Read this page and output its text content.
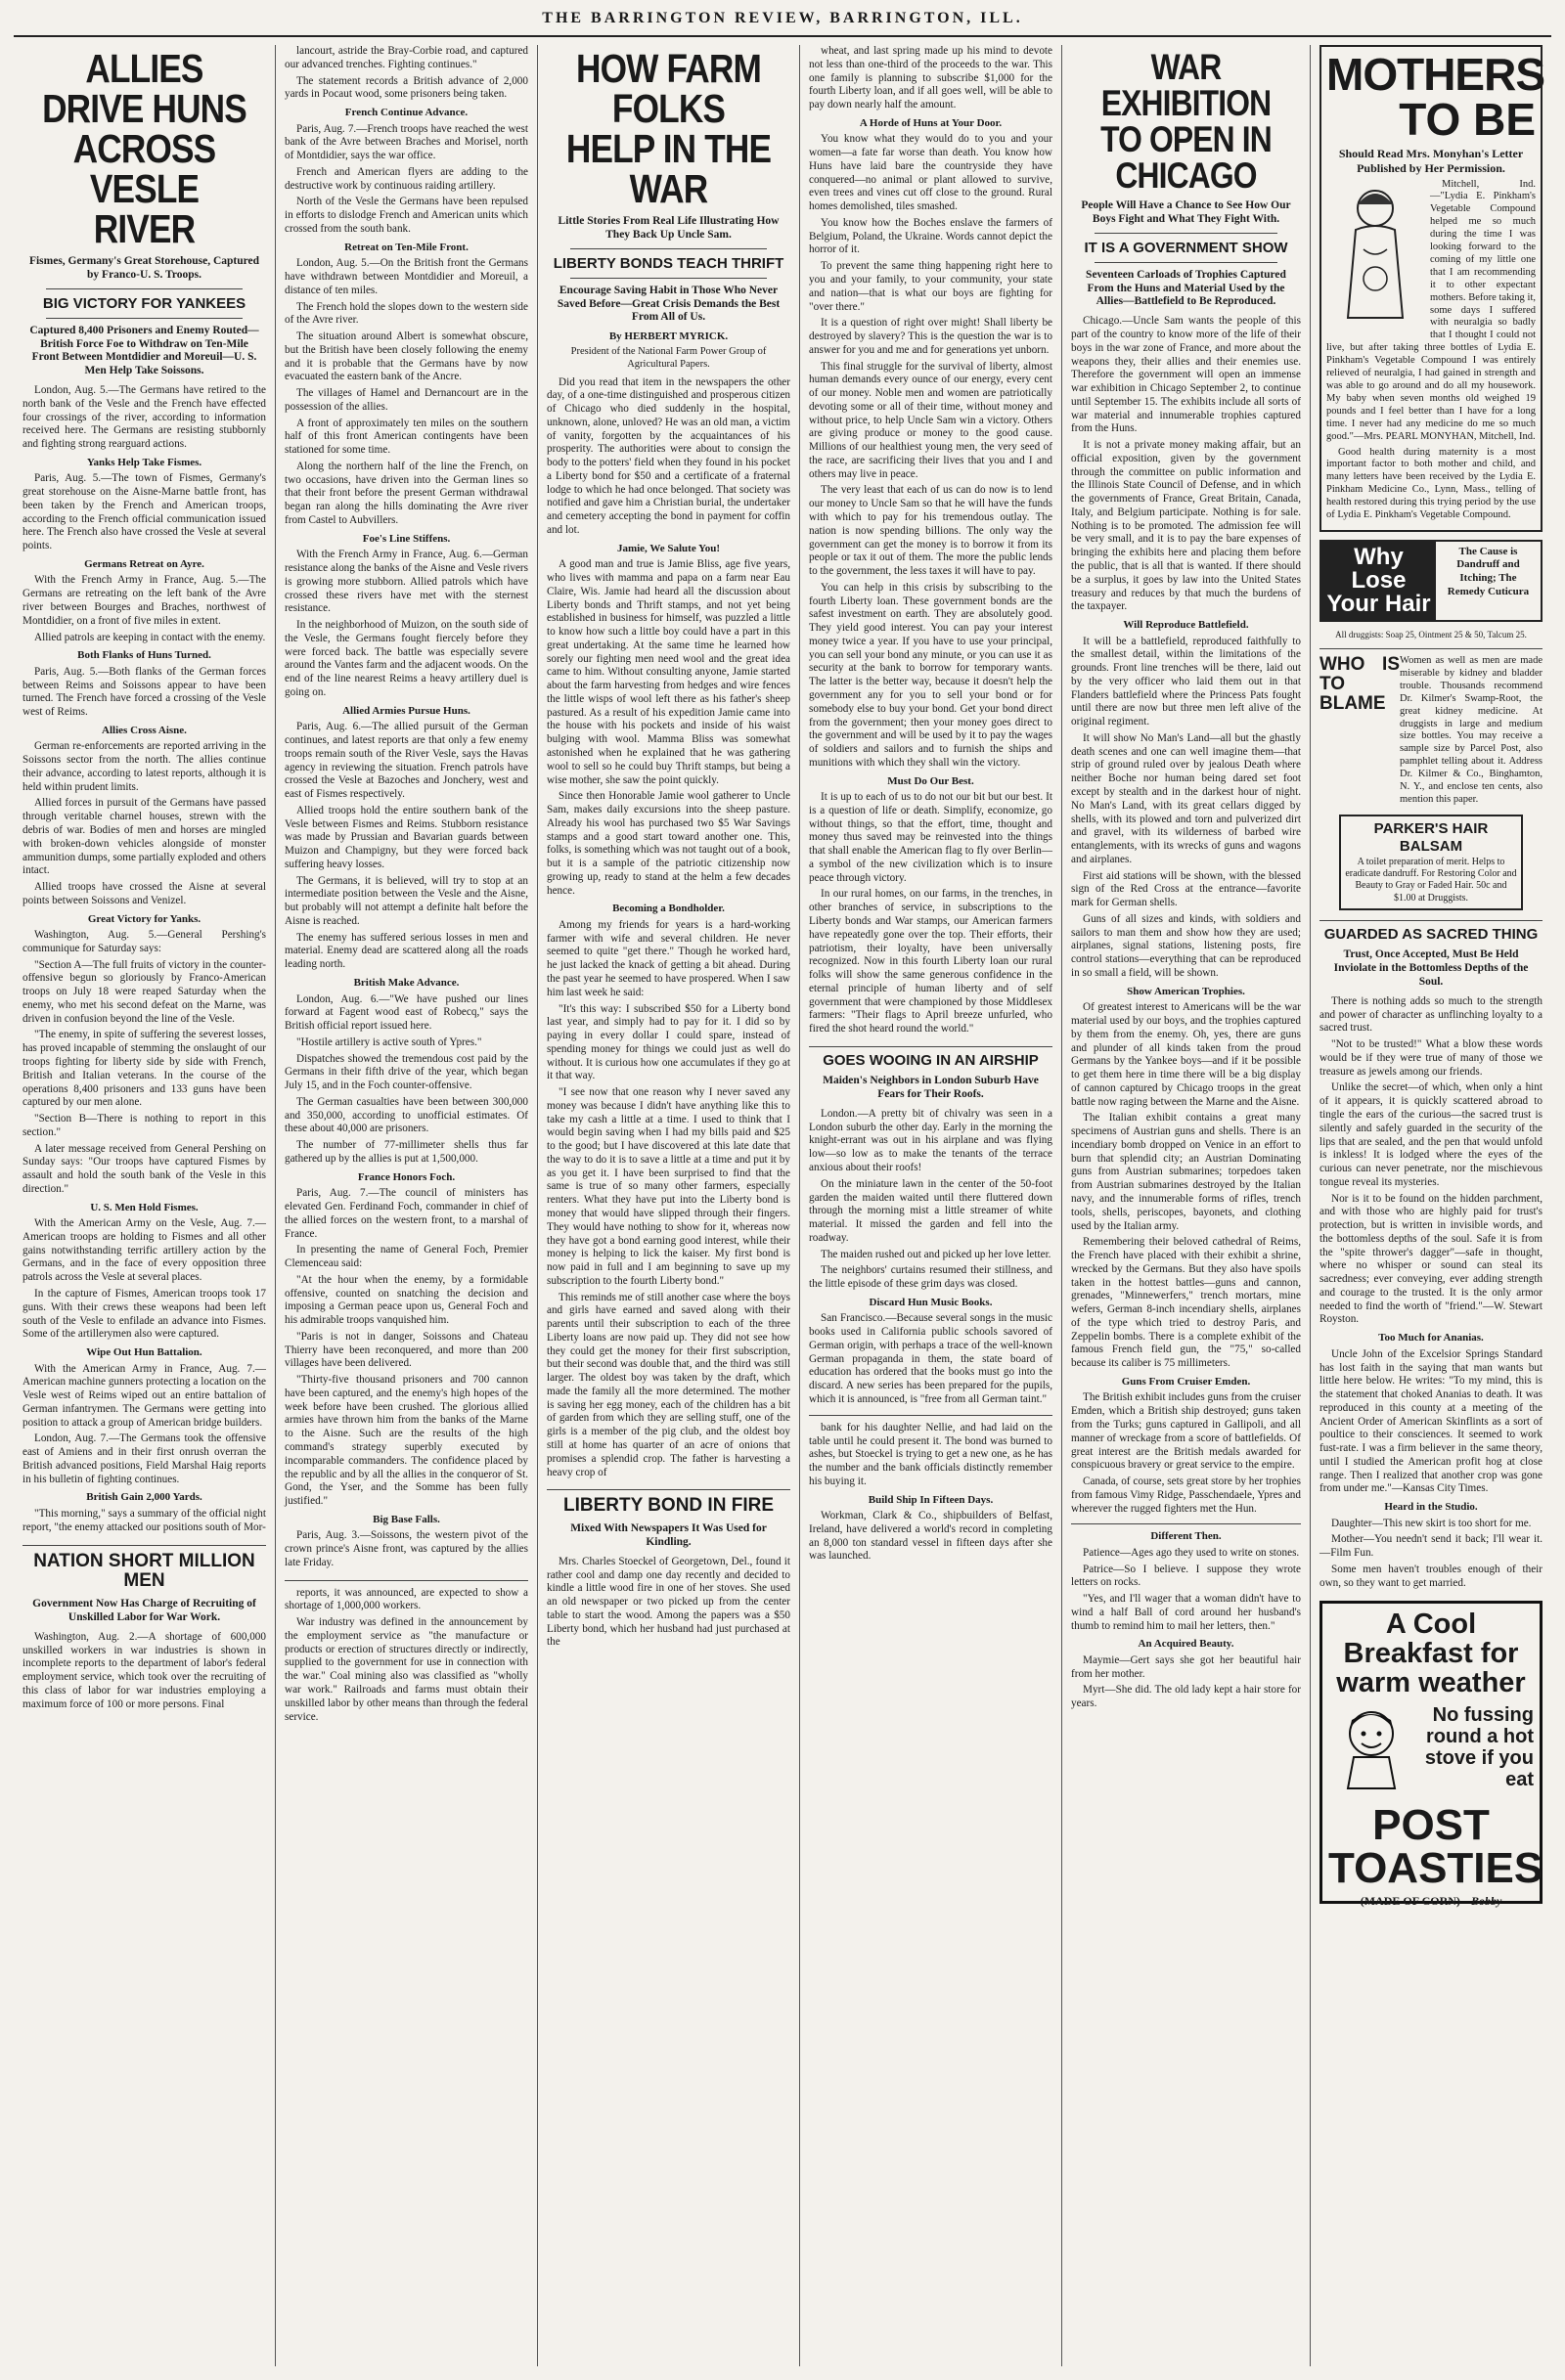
THE BARRINGTON REVIEW, BARRINGTON, ILL.
ALLIES DRIVE HUNS ACROSS VESLE RIVER
Fismes, Germany's Great Storehouse, Captured by Franco-U. S. Troops.
BIG VICTORY FOR YANKEES
Captured 8,400 Prisoners and Enemy Routed—British Force Foe to Withdraw on Ten-Mile Front Between Montdidier and Moreuil—U. S. Men Help Take Soissons.

London, Aug. 5.—The Germans have retired to the north bank of the Vesle and the French have effected four crossings of the river, according to information received here. The Germans are resisting stubbornly and fighting strong rearguard actions.

Yanks Help Take Fismes.

Paris, Aug. 5.—The town of Fismes, Germany's great storehouse on the Aisne-Marne battle front, has been taken by the French and American troops, according to the French official communication issued here. The French also have crossed the Vesle at several points.

Germans Retreat on Ayre.

With the French Army in France, Aug. 5.—The Germans are retreating on the left bank of the Avre river between Bourges and Braches, northwest of Montdidier, on a front of five miles in extent.

Allied patrols are keeping in contact with the enemy.

Both Flanks of Huns Turned.

Paris, Aug. 5.—Both flanks of the German forces between Reims and Soissons appear to have been turned. The French have forced a crossing of the Vesle west of Reims.

Allies Cross Aisne.

German re-enforcements are reported arriving in the Soissons sector from the north. The allies continue their advance, according to latest reports, although it is held within prudent limits.

Allied forces in pursuit of the Germans have passed through veritable charnel houses, strewn with the debris of war. Bodies of men and horses are mingled with broken-down vehicles alongside of monster ammunition dumps, some partially exploded and others intact.

Allied troops have crossed the Aisne at several points between Soissons and Venizel.

Great Victory for Yanks.

Washington, Aug. 5.—General Pershing's communique for Saturday says:

"Section A—The full fruits of victory in the counter-offensive begun so gloriously by Franco-American troops on July 18 were reaped Saturday when the enemy, who met his second defeat on the Marne, was driven in confusion beyond the line of the Vesle.

"The enemy, in spite of suffering the severest losses, has proved incapable of stemming the onslaught of our troops fighting for liberty side by side with French, British and Italian veterans. In the course of the operations 8,400 prisoners and 133 guns have been captured by our men alone.

"Section B—There is nothing to report in this section."

A later message received from General Pershing on Sunday says: "Our troops have captured Fismes by assault and hold the south bank of the Vesle in this direction."

U. S. Men Hold Fismes.

With the American Army on the Vesle, Aug. 7.—American troops are holding to Fismes and all other gains notwithstanding terrific artillery action by the Germans, and in the face of every opposition three patrols across the Vesle at several places.

In the capture of Fismes, American troops took 17 guns. With their crews these weapons had been left south of the Vesle to enfilade an advance into Fismes. Some of the artillerymen also were captured.

Wipe Out Hun Battalion.

With the American Army in France, Aug. 7.—American machine gunners protecting a location on the Vesle west of Reims wiped out an entire battalion of German infantrymen. The Germans were getting into position to attack a group of American bridge builders.

London, Aug. 7.—The Germans took the offensive east of Amiens and in their first onrush overran the British advanced positions, Field Marshal Haig reports in his bulletin of fighting continues.

British Gain 2,000 Yards.

"This morning," says a summary of the official night report, "the enemy attacked our positions south of Mor-

NATION SHORT MILLION MEN
Government Now Has Charge of Recruiting of Unskilled Labor for War Work.

Washington, Aug. 2.—A shortage of 600,000 unskilled workers in war industries is shown in incomplete reports to the department of labor's federal employment service, which took over the recruiting of this class of labor for war industries employing a maximum force of 100 or more persons. Final

lancourt, astride the Bray-Corbie road, and captured our advanced trenches. Fighting continues."

The statement records a British advance of 2,000 yards in Pocaut wood, some prisoners being taken.

French Continue Advance.

Paris, Aug. 7.—French troops have reached the west bank of the Avre between Braches and Morisel, north of Montdidier, says the war office.

French and American flyers are adding to the destructive work by continuous raiding artillery.

North of the Vesle the Germans have been repulsed in efforts to dislodge French and American units which crossed from the south bank.

Retreat on Ten-Mile Front.

London, Aug. 5.—On the British front the Germans have withdrawn between Montdidier and Moreuil, a distance of ten miles.

The French hold the slopes down to the western side of the Avre river.

The situation around Albert is somewhat obscure, but the British have been closely following the enemy and it is probable that the Germans have by now evacuated the eastern bank of the Ancre.

The villages of Hamel and Dernancourt are in the possession of the allies.

A front of approximately ten miles on the southern half of this front American contingents have been stationed for some time.

Along the northern half of the line the French, on two occasions, have driven into the German lines so that their front before the present German withdrawal began ran along the hills dominating the Avre river from Castel to Aubvillers.

Foe's Line Stiffens.

With the French Army in France, Aug. 6.—German resistance along the banks of the Aisne and Vesle rivers is growing more stubborn. Allied patrols which have crossed these rivers have met with the sternest resistance.

In the neighborhood of Muizon, on the south side of the Vesle, the Germans fought fiercely before they were forced back. The battle was especially severe around the Vantes farm and the adjacent woods. On the end of the line nearest Reims a heavy artillery duel is going on.

Allied Armies Pursue Huns.

Paris, Aug. 6.—The allied pursuit of the German continues, and latest reports are that only a few enemy troops remain south of the River Vesle, says the Havas agency in reviewing the situation. French patrols have crossed the Vesle at Bazoches and Jonchery, west and east of Fismes respectively.

Allied troops hold the entire southern bank of the Vesle between Fismes and Reims. Stubborn resistance was made by Prussian and Bavarian guards between Muizon and Champigny, but they were forced back suffering heavy losses.

The Germans, it is believed, will try to stop at an intermediate position between the Vesle and the Aisne, but probably will not attempt a definite halt before the Aisne is reached.

The enemy has suffered serious losses in men and material. Enemy dead are scattered along all the roads leading north.

British Make Advance.

London, Aug. 6.—"We have pushed our lines forward at Fagent wood east of Robecq," says the British official report issued here.

"Hostile artillery is active south of Ypres."

Dispatches showed the tremendous cost paid by the Germans in their fifth drive of the year, which began July 15, and in the Foch counter-offensive.

The German casualties have been between 300,000 and 350,000, according to unofficial estimates. Of these about 40,000 are prisoners.

The number of 77-millimeter shells thus far gathered up by the allies is put at 1,500,000.

France Honors Foch.

Paris, Aug. 7.—The council of ministers has elevated Gen. Ferdinand Foch, commander in chief of the allied forces on the western front, to a marshal of France.

In presenting the name of General Foch, Premier Clemenceau said:

"At the hour when the enemy, by a formidable offensive, counted on snatching the decision and imposing a German peace upon us, General Foch and his admirable troops vanquished him.

"Paris is not in danger, Soissons and Chateau Thierry have been reconquered, and more than 200 villages have been delivered.

"Thirty-five thousand prisoners and 700 cannon have been captured, and the enemy's high hopes of the week before have been crushed. The glorious allied armies have thrown him from the banks of the Marne to the Aisne. Such are the results of the high command's strategy superbly executed by incomparable commanders. The confidence placed by the republic and by all the allies in the conqueror of St. Gond, the Yser, and the Somme has been fully justified."

Big Base Falls.

Paris, Aug. 3.—Soissons, the western pivot of the crown prince's Aisne front, was captured by the allies late Friday.

reports, it was announced, are expected to show a shortage of 1,000,000 workers.

War industry was defined in the announcement by the employment service as "the manufacture or products or erection of structures directly or indirectly, supplied to the government for use in connection with the war." Coal mining also was classified as "wholly war work." Railroads and farms must obtain their unskilled labor by other means than through the federal service.

HOW FARM FOLKS HELP IN THE WAR
Little Stories From Real Life Illustrating How They Back Up Uncle Sam.
LIBERTY BONDS TEACH THRIFT
Encourage Saving Habit in Those Who Never Saved Before—Great Crisis Demands the Best From All of Us.
By HERBERT MYRICK.
President of the National Farm Power Group of Agricultural Papers.

Did you read that item in the newspapers the other day, of a one-time distinguished and prosperous citizen of Chicago who died suddenly in the hospital, unknown, alone, unloved? He was an old man, a victim of vanity, forgotten by the acquaintances of his prosperity. The authorities were about to consign the body to the potters' field when they found in his pocket a Liberty bond for $50 and a certificate of a fraternal lodge to which he had once belonged. That society was notified and gave him a Christian burial, the undertaker and cemetery accepting the bond in payment for coffin and lot.

Jamie, We Salute You!

A good man and true is Jamie Bliss, age five years, who lives with mamma and papa on a farm near Eau Claire, Wis. Jamie had heard all the discussion about Liberty bonds and Thrift stamps, and not yet being established in business for himself, was puzzled a little to know how such a little boy could have a part in this great undertaking. At the same time he learned how sorely our fighting men need wool and the great idea came to him. Without consulting anyone, Jamie started about the farm harvesting from hedges and wire fences the little wisps of wool left there as his father's sheep pastured. As a result of his expedition Jamie came into the house with his pockets and inside of his waist bulging with wool. Mamma Bliss was somewhat astonished when he explained that he was gathering wool to sell so he could buy Thrift stamps, but being a wise mother, she saw the point quickly.

Since then Honorable Jamie wool gatherer to Uncle Sam, makes daily excursions into the sheep pasture. Already his wool has purchased two $5 War Savings stamps and a good start toward another one. This, folks, is something which was not taught out of a book, but it is a sample of the patriotic citizenship now growing up, ready to stand at the helm a few decades hence.

Becoming a Bondholder.

Among my friends for years is a hard-working farmer with wife and several children. He never seemed to quite "get there." Though he worked hard, he just lacked the knack of getting a bit ahead. During the past year he seemed to have prospered. When I saw him last week he said:

"It's this way: I subscribed $50 for a Liberty bond last year, and simply had to pay for it. I did so by paying in every dollar I could spare, instead of spending money for things we could just as well do without. It is curious how one accumulates if they go at it that way.

"I see now that one reason why I never saved any money was because I didn't have anything like this to take my cash a little at a time. I used to think that I would begin saving when I had my bills paid and $25 to the good; but I have discovered at this late date that the way to do it is to save a little at a time and put it by as you get it. I have been surprised to find that the same is true of so many other farmers, especially renters. What they have put into the Liberty bond is money that would have slipped through their fingers. They would have nothing to show for it, whereas now they have got a bond earning good interest, while their money is helping to lick the kaiser. My first bond is now paid in full and I am beginning to save up my subscription to the fourth Liberty bond."

This reminds me of still another case where the boys and girls have earned and saved along with their parents until their subscription to each of the three Liberty loans are now paid up. They did not see how they could get the money for their first subscription, but their second was double that, and the third was still larger. The oldest boy was taken by the draft, which made the family all the more determined. The mother is saving her egg money, each of the children has a bit of garden from which they are selling stuff, one of the girls is a member of the pig club, and the oldest boy still at home has quarter of an acre of onions that promises a splendid crop. The father is harvesting a heavy crop of

LIBERTY BOND IN FIRE
Mixed With Newspapers It Was Used for Kindling.

Mrs. Charles Stoeckel of Georgetown, Del., found it rather cool and damp one day recently and decided to kindle a little wood fire in one of her stoves. She used an old newspaper or two picked up from the center table to start the wood. Among the papers was a $50 Liberty bond, which her husband had just purchased at the

wheat, and last spring made up his mind to devote not less than one-third of the proceeds to the war. This one family is planning to subscribe $1,000 for the fourth Liberty loan, and if all goes well, will be able to pay down nearly half the amount.

A Horde of Huns at Your Door.

You know what they would do to you and your women—a fate far worse than death. You know how Huns have laid bare the countryside they have conquered—no animal or plant allowed to survive, even trees and vines cut off close to the ground. Rural homes demolished, tiles smashed.

You know how the Boches enslave the farmers of Belgium, Poland, the Ukraine. Words cannot depict the horror of it.

To prevent the same thing happening right here to you and your family, to your community, your state and nation—that is what our boys are fighting for "over there."

It is a question of right over might! Shall liberty be destroyed by slavery? This is the question the war is to answer for you and me and for generations yet unborn.

This final struggle for the survival of liberty, almost human demands every ounce of our energy, every cent of our money. Noble men and women are patriotically devoting some or all of their time, without money and without price, to help Uncle Sam win a victory. Others are giving produce or money to the good cause. Millions of our healthiest young men, the very seed of the race, are sacrificing their lives that you and I and others may live in peace.

The very least that each of us can do now is to lend our money to Uncle Sam so that he will have the funds with which to pay for his tremendous outlay. The nation is now spending billions. The only way the government can get the money is to borrow it from its people or tax it out of them. The more the public lends to the government, the less taxes it will have to pay.

You can help in this crisis by subscribing to the fourth Liberty loan. These government bonds are the safest investment on earth. They are absolutely good. They yield good interest. You can pay your interest money twice a year. If you have to use your principal, you can sell your bond any minute, or you can use it as security at the bank to borrow for temporary wants. The latter is the better way, because it doesn't help the government any for you to sell your bond or for somebody else to buy your bond. Get your bond direct from the government; then your money goes direct to the government and will be used by it to pay the wages of soldiers and sailors and to furnish the ships and munitions with which they shall win the victory.

Must Do Our Best.

It is up to each of us to do not our bit but our best. It is a question of life or death. Simplify, economize, go without things, so that the effort, time, thought and money thus saved may be reinvested into the things that shall enable the American flag to fly over Berlin—a symbol of the new civilization which is to insure peace through victory.

In our rural homes, on our farms, in the trenches, in other branches of service, in subscriptions to the Liberty bonds and War stamps, our American farmers have repeatedly gone over the top. Their efforts, their patriotism, their loyalty, have been universally recognized. Now in this fourth Liberty loan our rural folks will show the same generous confidence in the eternal principle of human liberty and of self government that were championed by those Middlesex farmers: "Their flags to April breeze unfurled, who fired the shot heard round the world."

GOES WOOING IN AN AIRSHIP
Maiden's Neighbors in London Suburb Have Fears for Their Roofs.

London.—A pretty bit of chivalry was seen in a London suburb the other day. Early in the morning the knight-errant was out in his airplane and was flying low—so low as to make the tenants of the terrace anxious about their roofs!

On the miniature lawn in the center of the 50-foot garden the maiden waited until there fluttered down through the morning mist a little streamer of white material. It missed the garden and fell into the roadway.

The maiden rushed out and picked up her love letter.

The neighbors' curtains resumed their stillness, and the little episode of these grim days was closed.

Discard Hun Music Books.

San Francisco.—Because several songs in the music books used in California public schools savored of German origin, with perhaps a trace of the well-known German propaganda in them, the state board of education has ordered that the books must go into the discard. A new series has been prepared for the pupils, which it is announced, is "free from all German taint."

bank for his daughter Nellie, and had laid on the table until he could present it. The bond was burned to ashes, but Stoeckel is trying to get a new one, as he has the number and the bank officials distinctly remember his buying it.

Build Ship In Fifteen Days.

Workman, Clark & Co., shipbuilders of Belfast, Ireland, have delivered a world's record in completing an 8,000 ton standard vessel in fifteen days after she was launched.

WAR EXHIBITION TO OPEN IN CHICAGO
People Will Have a Chance to See How Our Boys Fight and What They Fight With.
IT IS A GOVERNMENT SHOW
Seventeen Carloads of Trophies Captured From the Huns and Material Used by the Allies—Battlefield to Be Reproduced.

Chicago.—Uncle Sam wants the people of this part of the country to know more of the life of their boys in the war zone of France, and more about the weapons they, their allies and their enemies use. Therefore the government will open an immense war exhibition in Chicago September 2, to continue until September 15. The exhibits include all sorts of war material and innumerable trophies captured from the Huns.

It is not a private money making affair, but an official exposition, given by the government through the committee on public information and the Illinois State Council of Defense, and in which the governments of France, Great Britain, Canada, Italy, and Belgium participate. Nothing is for sale. Nothing is to be promoted. The admission fee will be very small, and it is to pay the bare expenses of bringing the exhibits here and placing them before the public, that is all that is wanted. If there should be a surplus, it goes by law into the United States treasury and reduces by that much the burdens of the taxpayer.

Will Reproduce Battlefield.

It will be a battlefield, reproduced faithfully to the smallest detail, within the limitations of the grounds. Front line trenches will be there, laid out by the very officer who laid them out in that Flanders battlefield where the Princess Pats fought until there are now but three men left alive of the original regiment.

It will show No Man's Land—all but the ghastly death scenes and one can well imagine them—that strip of ground ruled over by jealous Death where neither Boche nor human being dared set foot except by stealth and in the darkest hour of night. No Man's Land, with its great cellars digged by shells, with its plowed and torn and pulverized dirt and gravel, with its wilderness of barbed wire entanglements, with its wrecks of guns and wagons and airplanes.

First aid stations will be shown, with the blessed sign of the Red Cross at the entrance—favorite mark for German shells.

Guns of all sizes and kinds, with soldiers and sailors to man them and show how they are used; airplanes, signal stations, listening posts, fire control stations—everything that can be reproduced in so small a field, will be shown.

Show American Trophies.

Of greatest interest to Americans will be the war material used by our boys, and the trophies captured by them from the enemy. Oh, yes, there are guns and plunder of all kinds taken from the proud Germans by the Yankee boys—and if it be possible to get them here in time there will be a big display of cannon captured by Chicago troops in the great battle now raging between the Marne and the Aisne.

The Italian exhibit contains a great many specimens of Austrian guns and shells. There is an incendiary bomb dropped on Venice in an effort to burn that splendid city; an Austrian Dominating guns from Austrian submarines; torpedoes taken from Austrian submarines destroyed by the Italian navy, and the innumerable forms of rifles, trench tools, shells, periscopes, bayonets, and clothing used by the Italian army.

Remembering their beloved cathedral of Reims, the French have placed with their exhibit a shrine, wrecked by the Germans. But they also have spoils taken in the hottest battles—guns and cannon, grenades, "Minnewerfers," trench mortars, mine wefers, German 8-inch incendiary shells, airplanes of the type which tried to destroy Paris, and Zeppelin bombs. There is a complete exhibit of the famous French field gun, the "75," so-called because its caliber is 75 millimeters.

Guns From Cruiser Emden.

The British exhibit includes guns from the cruiser Emden, which a British ship destroyed; guns taken from the Turks; guns captured in Gallipoli, and all manner of wreckage from a score of battlefields. Of great interest are the British medals awarded for conspicuous bravery or great service to the empire.

Canada, of course, sets great store by her trophies from famous Vimy Ridge, Passchendaele, Ypres and wherever the rugged fighters met the Hun.

Different Then.

Patience—Ages ago they used to write on stones.

Patrice—So I believe. I suppose they wrote letters on rocks.

"Yes, and I'll wager that a woman didn't have to wind a half Ball of cord around her husband's thumb to remind him to mail her letters, then."

An Acquired Beauty.

Maymie—Gert says she got her beautiful hair from her mother.

Myrt—She did. The old lady kept a hair store for years.

MOTHERS
TO BE
Should Read Mrs. Monyhan's Letter Published by Her Permission.

Mitchell, Ind.—"Lydia E. Pinkham's Vegetable Compound helped me so much during the time I was looking forward to the coming of my little one that I am recommending it to other expectant mothers. Before taking it, some days I suffered with neuralgia so badly that I thought I could not live, but after taking three bottles of Lydia E. Pinkham's Vegetable Compound I was entirely relieved of neuralgia, I had gained in strength and was able to go around and do all my housework. My baby when seven months old weighed 19 pounds and I feel better than I have for a long time. I never had any medicine do me so much good."—Mrs. PEARL MONYHAN, Mitchell, Ind.

Good health during maternity is a most important factor to both mother and child, and many letters have been received by the Lydia E. Pinkham Medicine Co., Lynn, Mass., telling of health restored during this trying period by the use of Lydia E. Pinkham's Vegetable Compound.

Why Lose Your Hair
The Cause is Dandruff and Itching; The Remedy Cuticura
All druggists: Soap 25, Ointment 25 & 50, Talcum 25.
WHO IS TO BLAME
Women as well as men are made miserable by kidney and bladder trouble. Thousands recommend Dr. Kilmer's Swamp-Root, the great kidney medicine. At druggists in large and medium size bottles. You may receive a sample size by Parcel Post, also pamphlet telling about it. Address Dr. Kilmer & Co., Binghamton, N. Y., and enclose ten cents, also mention this paper.
PARKER'S HAIR BALSAM
A toilet preparation of merit. Helps to eradicate dandruff. For Restoring Color and Beauty to Gray or Faded Hair. 50c and $1.00 at Druggists.
GUARDED AS SACRED THING
Trust, Once Accepted, Must Be Held Inviolate in the Bottomless Depths of the Soul.

There is nothing adds so much to the strength and power of character as unflinching loyalty to a sacred trust.

"Not to be trusted!" What a blow these words would be if they were true of many of those we treasure as jewels among our friends.

Unlike the secret—of which, when only a hint of it appears, it is quickly scattered abroad to tingle the ears of the curious—the sacred trust is silently and safely guarded in the security of the lips that are sealed, and the pen that would unfold is inkless! It is lodged where the eyes of the curious can never penetrate, nor the mischievous tongue reveal its mysteries.

Nor is it to be found on the hidden parchment, and with those who are highly paid for trust's protection, but is written in invisible words, and the bottomless depths of the soul. Safe it is from the "spite thrower's dagger"—safe in thought, where no whisper or sound can steal its sacredness; ever conveying, ever adding strength and courage to the trusted. It is the only armor needed to find the worth of "friend."—W. Stewart Royston.

Too Much for Ananias.

Uncle John of the Excelsior Springs Standard has lost faith in the saying that man wants but little here below. He writes: "To my mind, this is the statement that choked Ananias to death. It was reproduced in this county at a meeting of the Ancient Order of American Skinflints as a sort of poultice to their consciences. It seemed to work fust-rate. I was a firm believer in the same theory, until I studied the American profit hog at close range. Then I realized that another crop was gone from under me."—Kansas City Times.

Heard in the Studio.

Daughter—This new skirt is too short for me.

Mother—You needn't send it back; I'll wear it.—Film Fun.

Some men haven't troubles enough of their own, so they want to get married.

A Cool Breakfast for warm weather
No fussing round a hot stove if you eat
POST TOASTIES
(MADE OF CORN) Bobby
